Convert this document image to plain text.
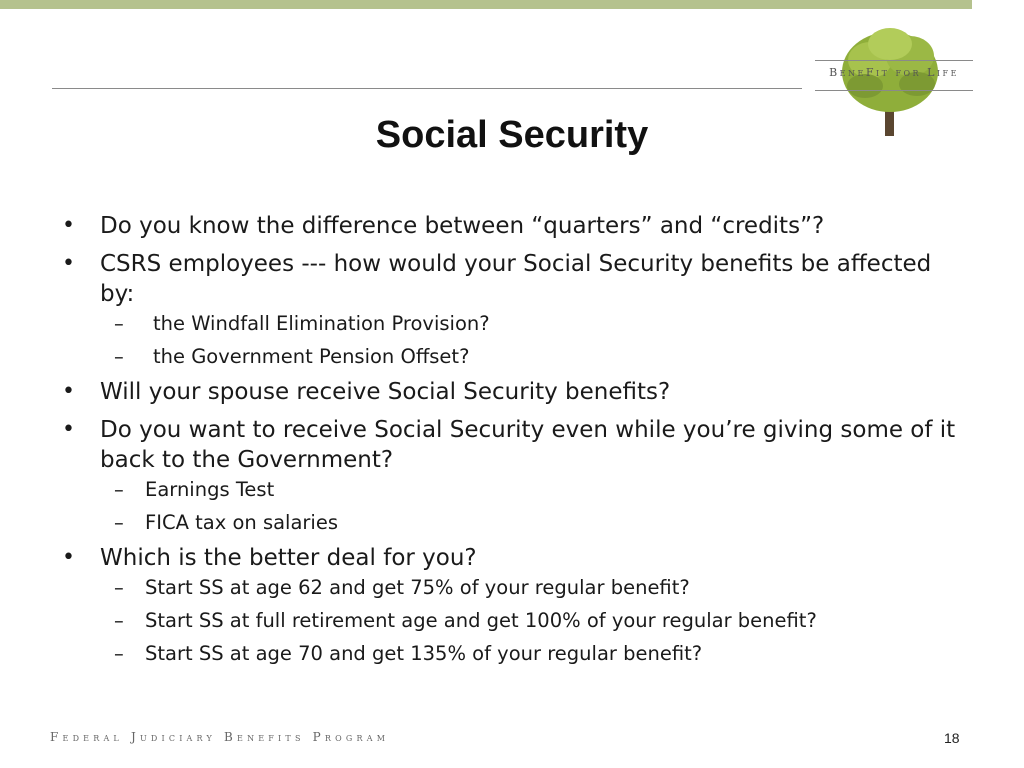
BeneFit for Life
Social Security
• Do you know the difference between “quarters” and “credits”?
• CSRS employees --- how would your Social Security benefits be affected by:
– the Windfall Elimination Provision?
– the Government Pension Offset?
• Will your spouse receive Social Security benefits?
• Do you want to receive Social Security even while you’re giving some of it back to the Government?
– Earnings Test
– FICA tax on salaries
• Which is the better deal for you?
– Start SS at age 62 and get 75% of your regular benefit?
– Start SS at full retirement age and get 100% of your regular benefit?
– Start SS at age 70 and get 135% of your regular benefit?
Federal Judiciary Benefits Program	18
